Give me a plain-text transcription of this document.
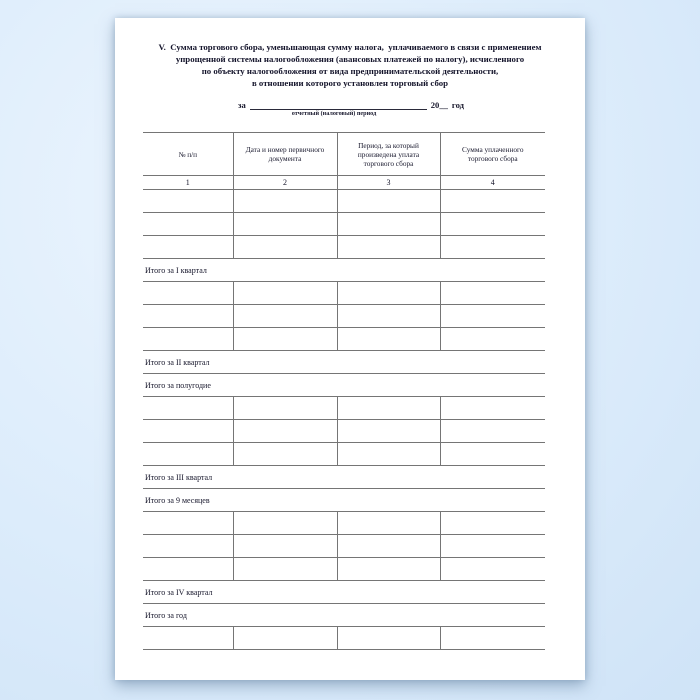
V.  Сумма торгового сбора, уменьшающая сумму налога,  уплачиваемого в связи с применением
упрощенной системы налогообложения (авансовых платежей по налогу), исчисленного
по объекту налогообложения от вида предпринимательской деятельности,
в отношении которого установлен торговый сбор
за	20__ год
отчетный (налоговый) период
№ п/п	Дата и номер первичного документа	Период, за который произведена уплата торгового сбора	Сумма уплаченного торгового сбора
1	2	3	4

Итого за I квартал			

Итого за II квартал			
Итого за полугодие			

Итого за III квартал			
Итого за 9 месяцев			

Итого за IV квартал			
Итого за год			
